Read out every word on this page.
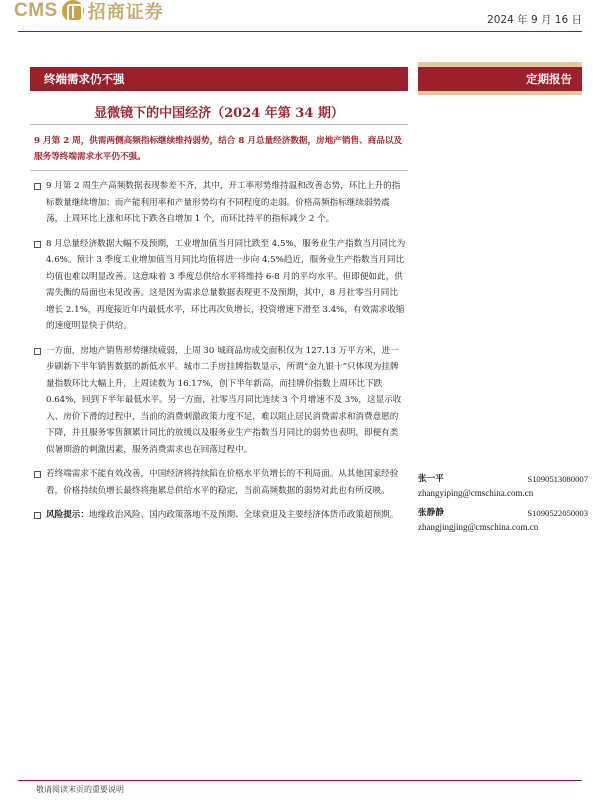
CMS 招商证券	2024 年 9 月 16 日
终端需求仍不强	定期报告
显微镜下的中国经济（2024 年第 34 期）
9 月第 2 周，供需两侧高频指标继续维持弱势，结合 8 月总量经济数据，房地产销售、商品以及服务等终端需求水平仍不强。
9 月第 2 周生产高频数据表现参差不齐，其中，开工率形势维持温和改善态势，环比上升的指标数量继续增加；而产能利用率和产量形势均有不同程度的走弱。价格高频指标继续弱势震荡，上周环比上涨和环比下跌各自增加 1 个，而环比持平的指标减少 2 个。
8 月总量经济数据大幅不及预期，工业增加值当月同比跌至 4.5%，服务业生产指数当月同比为 4.6%。预计 3 季度工业增加值当月同比均值将进一步向 4.5%趋近，服务业生产指数当月同比均值也难以明显改善。这意味着 3 季度总供给水平将维持 6-8 月的平均水平。但即便如此，供需失衡的局面也未见改善。这是因为需求总量数据表现更不及预期，其中，8 月社零当月同比增长 2.1%，再度接近年内最低水平，环比再次负增长，投资增速下滑至 3.4%，有效需求收缩的速度明显快于供给。
一方面，房地产销售形势继续疲弱，上周 30 城商品房成交面积仅为 127.13 万平方米，进一步刷新下半年销售数据的新低水平。城市二手房挂牌指数显示，所谓“金九银十”只体现为挂牌量指数环比大幅上升，上周读数为 16.17%，创下半年新高，而挂牌价指数上周环比下跌 0.64%，回到下半年最低水平。另一方面，社零当月同比连续 3 个月增速不及 3%，这显示收入、房价下滑的过程中，当前的消费刺激政策力度不足，难以阻止居民消费需求和消费意愿的下降，并且服务零售额累计同比的放缓以及服务业生产指数当月同比的弱势也表明，即便有类似暑期游的刺激因素，服务消费需求也在回落过程中。
若终端需求不能有效改善，中国经济将持续陷在价格水平负增长的不利局面。从其他国家经验看，价格持续负增长最终将拖累总供给水平的稳定，当前高频数据的弱势对此也有所反映。
风险提示：地缘政治风险、国内政策落地不及预期、全球衰退及主要经济体货币政策超预期。
张一平	S1090513080007
zhangyiping@cmschina.com.cn
张静静	S1090522050003
zhangjingjing@cmschina.com.cn
敬请阅读末页的重要说明
